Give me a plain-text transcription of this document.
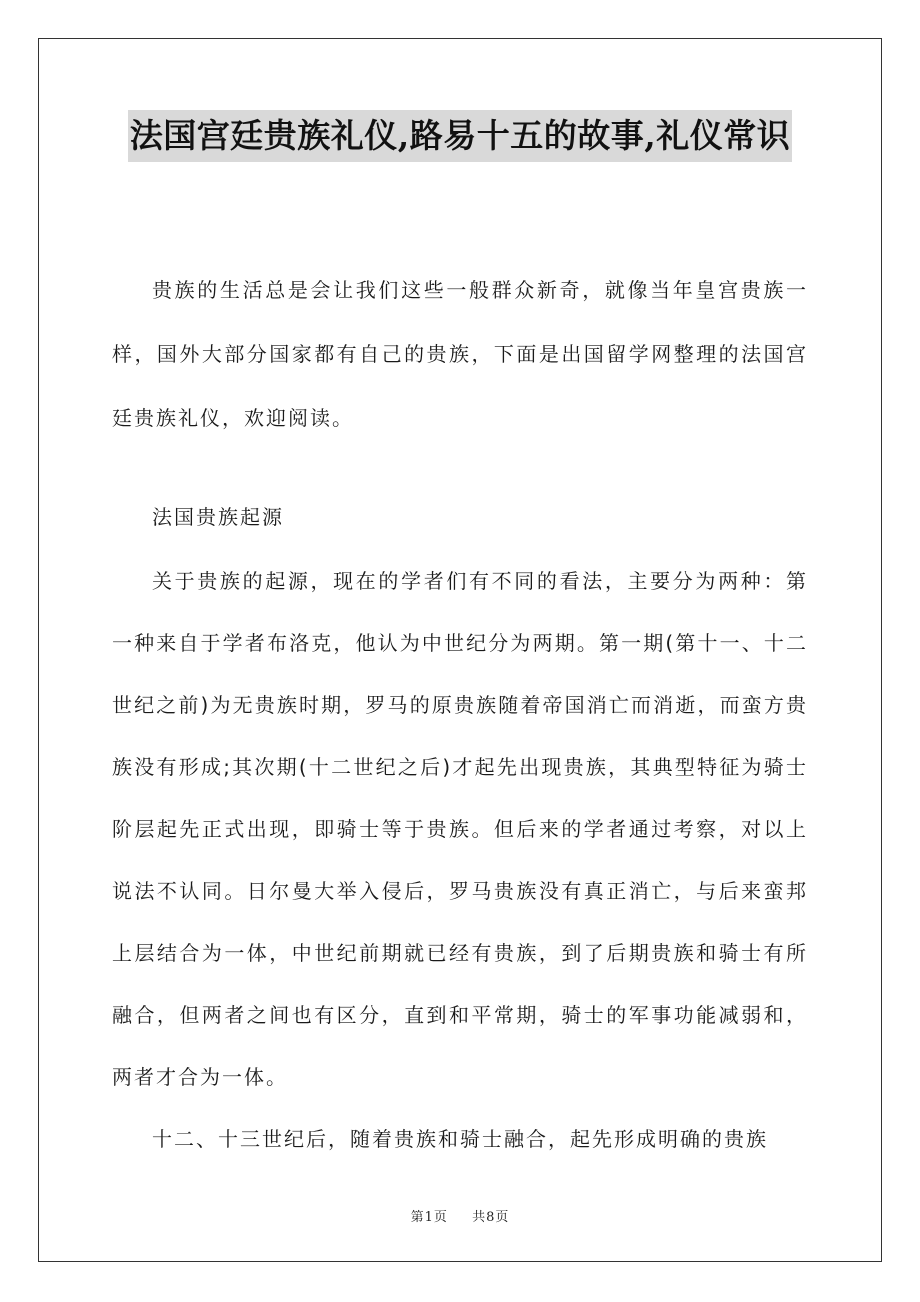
法国宫廷贵族礼仪,路易十五的故事,礼仪常识

贵族的生活总是会让我们这些一般群众新奇，就像当年皇宫贵族一样，国外大部分国家都有自己的贵族，下面是出国留学网整理的法国宫廷贵族礼仪，欢迎阅读。

法国贵族起源

关于贵族的起源，现在的学者们有不同的看法，主要分为两种：第一种来自于学者布洛克，他认为中世纪分为两期。第一期(第十一、十二世纪之前)为无贵族时期，罗马的原贵族随着帝国消亡而消逝，而蛮方贵族没有形成;其次期(十二世纪之后)才起先出现贵族，其典型特征为骑士阶层起先正式出现，即骑士等于贵族。但后来的学者通过考察，对以上说法不认同。日尔曼大举入侵后，罗马贵族没有真正消亡，与后来蛮邦上层结合为一体，中世纪前期就已经有贵族，到了后期贵族和骑士有所融合，但两者之间也有区分，直到和平常期，骑士的军事功能减弱和，两者才合为一体。

十二、十三世纪后，随着贵族和骑士融合，起先形成明确的贵族

第1页 共8页
